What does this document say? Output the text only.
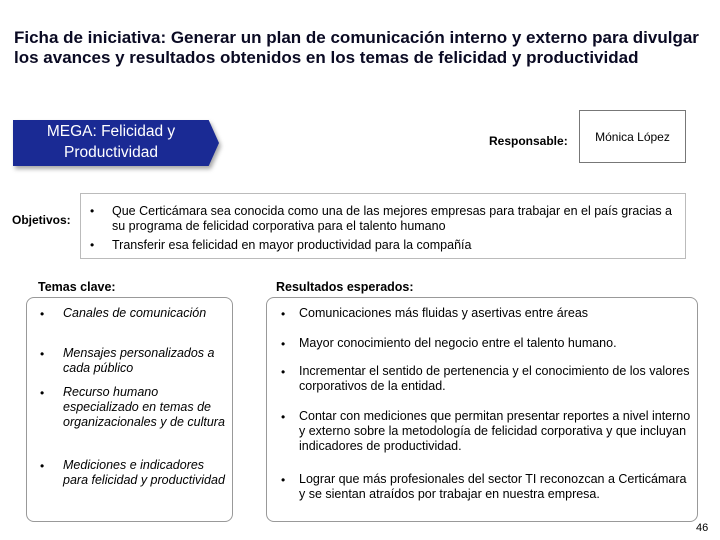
Ficha de iniciativa: Generar un plan de comunicación interno y externo para divulgar los avances y resultados obtenidos en los temas de felicidad y productividad
MEGA: Felicidad y
Productividad
Responsable: Mónica López
Objetivos:
• Que Certicámara sea conocida como una de las mejores empresas para trabajar en el país gracias a su programa de felicidad corporativa para el talento humano
• Transferir esa felicidad en mayor productividad para la compañía
Temas clave:
• Canales de comunicación
• Mensajes personalizados a cada público
• Recurso humano especializado en temas de organizacionales y de cultura
• Mediciones e indicadores para felicidad y productividad
Resultados esperados:
• Comunicaciones más fluidas y asertivas entre áreas
• Mayor conocimiento del negocio entre el talento humano.
• Incrementar el sentido de pertenencia y el conocimiento de los valores corporativos de la entidad.
• Contar con mediciones que permitan presentar reportes a nivel interno y externo sobre la metodología de felicidad corporativa y que incluyan indicadores de productividad.
• Lograr que más profesionales del sector TI reconozcan a Certicámara y se sientan atraídos por trabajar en nuestra empresa.
46
